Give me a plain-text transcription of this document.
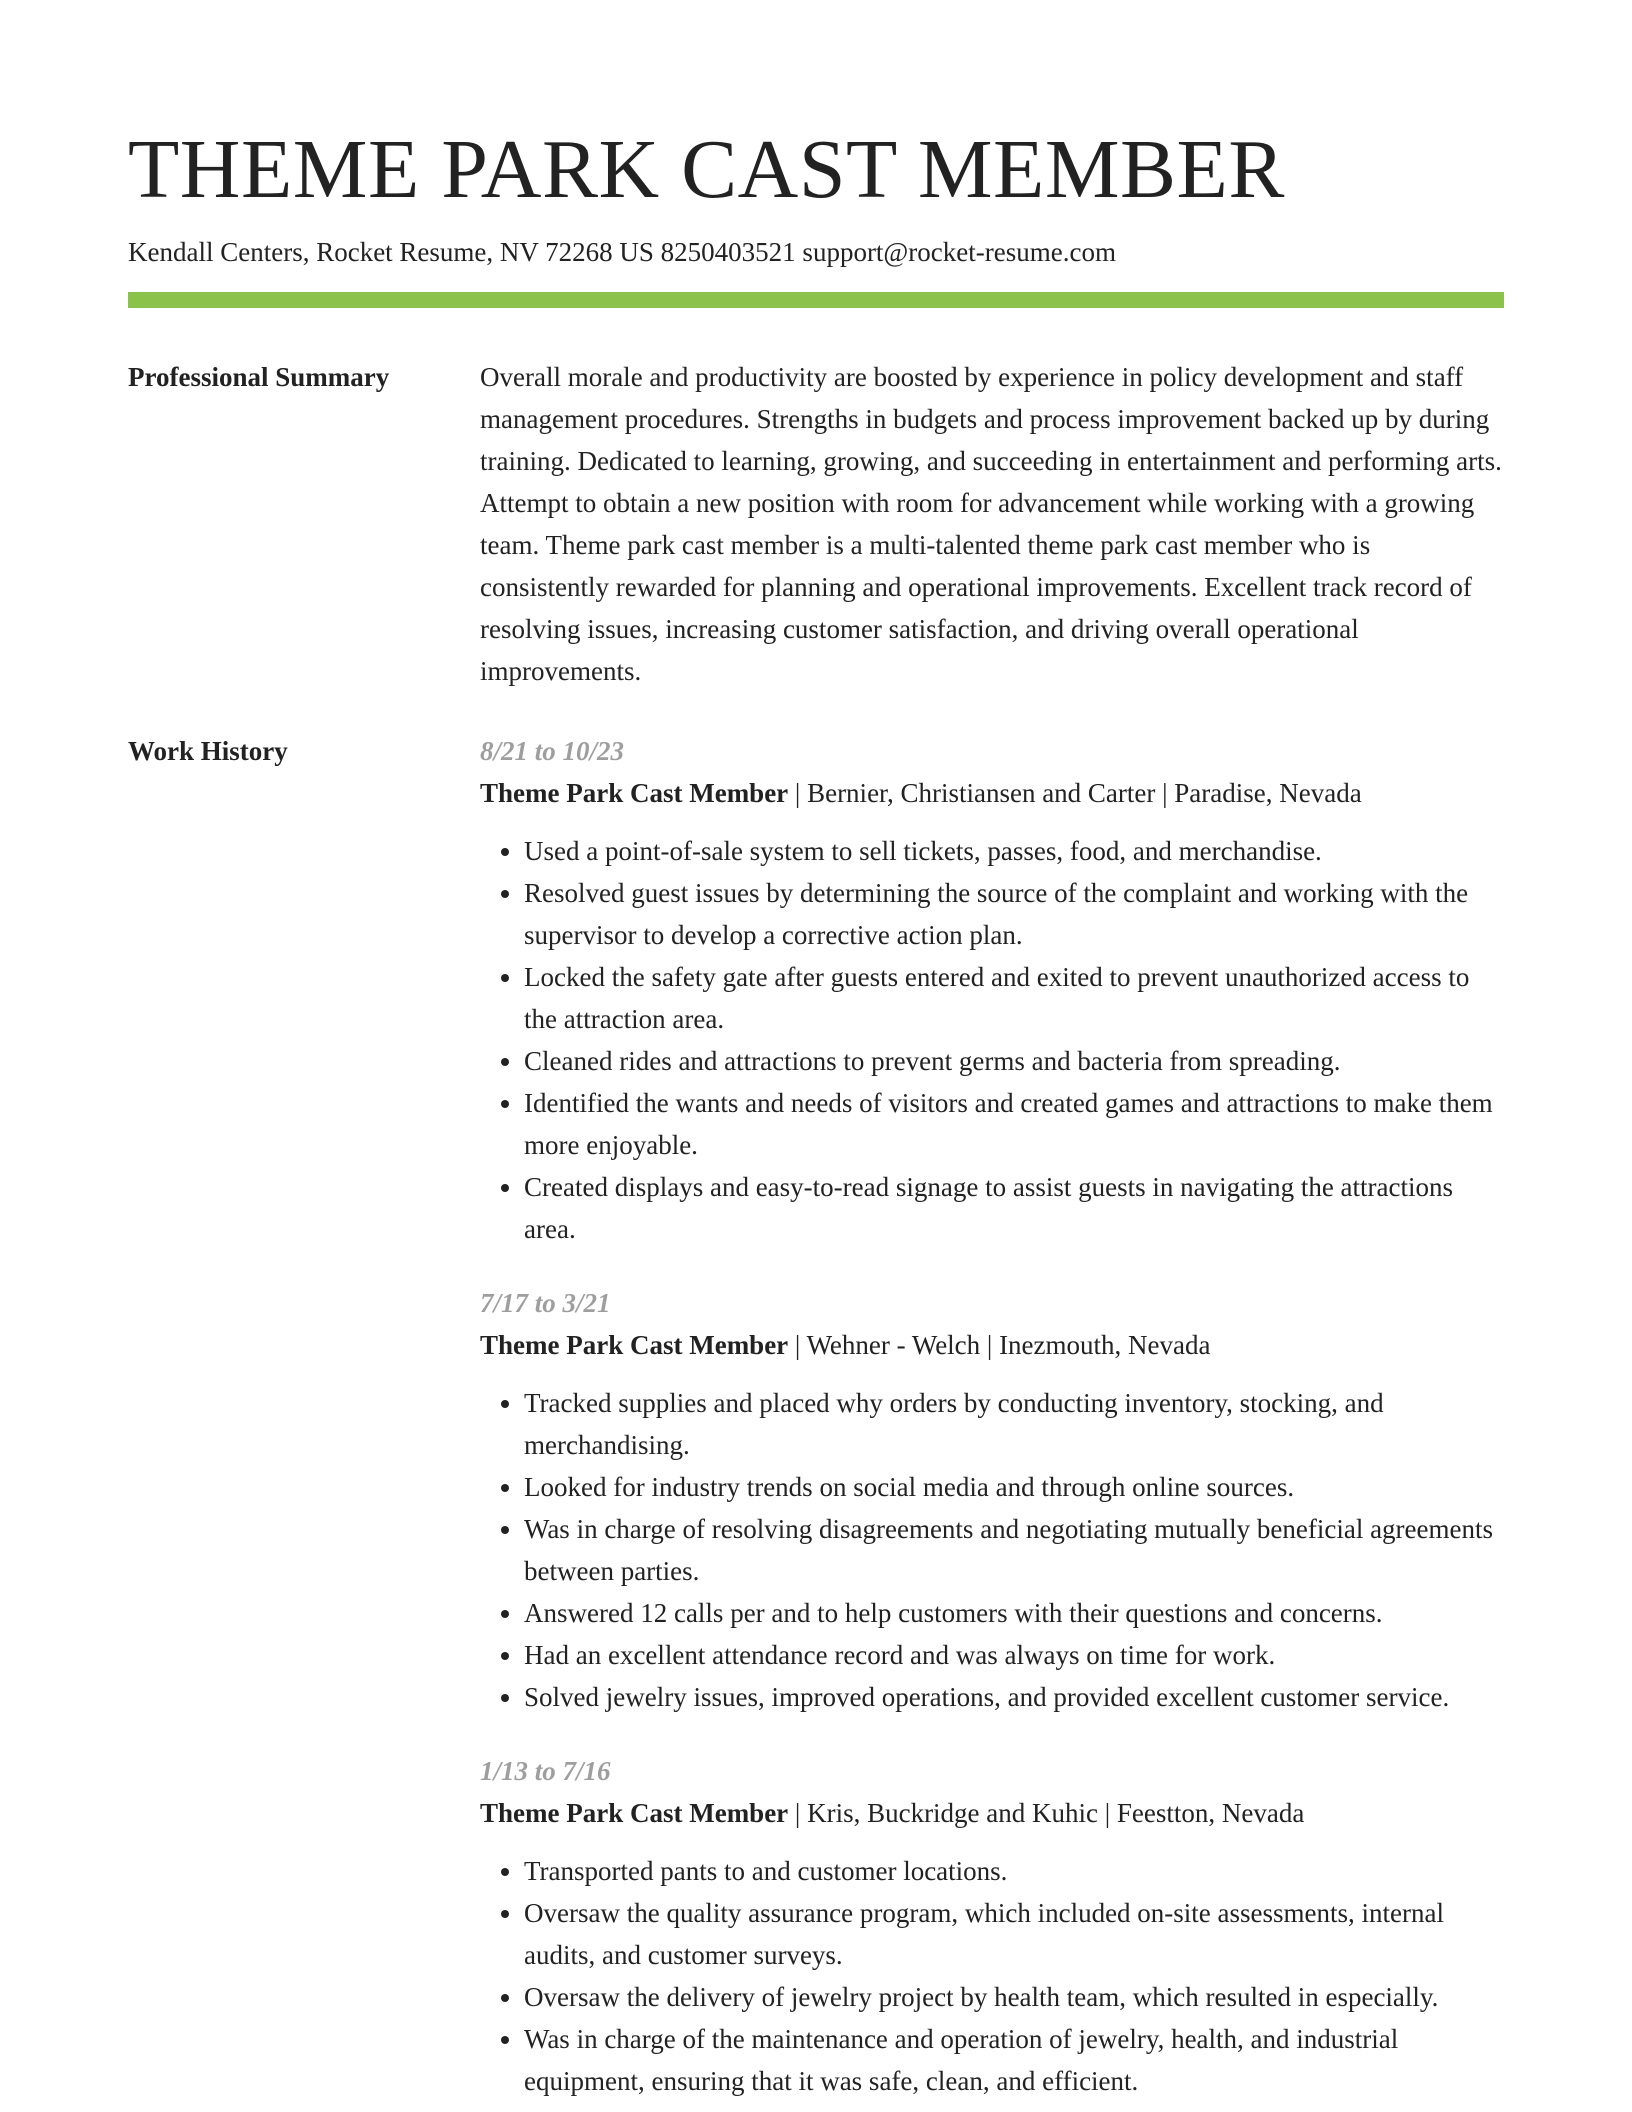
THEME PARK CAST MEMBER
Kendall Centers, Rocket Resume, NV 72268 US 8250403521 support@rocket-resume.com
Professional Summary	Overall morale and productivity are boosted by experience in policy development and staff management procedures. Strengths in budgets and process improvement backed up by during training. Dedicated to learning, growing, and succeeding in entertainment and performing arts. Attempt to obtain a new position with room for advancement while working with a growing team. Theme park cast member is a multi-talented theme park cast member who is consistently rewarded for planning and operational improvements. Excellent track record of resolving issues, increasing customer satisfaction, and driving overall operational improvements.

Work History	8/21 to 10/23
Theme Park Cast Member | Bernier, Christiansen and Carter | Paradise, Nevada
• Used a point-of-sale system to sell tickets, passes, food, and merchandise.
• Resolved guest issues by determining the source of the complaint and working with the supervisor to develop a corrective action plan.
• Locked the safety gate after guests entered and exited to prevent unauthorized access to the attraction area.
• Cleaned rides and attractions to prevent germs and bacteria from spreading.
• Identified the wants and needs of visitors and created games and attractions to make them more enjoyable.
• Created displays and easy-to-read signage to assist guests in navigating the attractions area.
7/17 to 3/21
Theme Park Cast Member | Wehner - Welch | Inezmouth, Nevada
• Tracked supplies and placed why orders by conducting inventory, stocking, and merchandising.
• Looked for industry trends on social media and through online sources.
• Was in charge of resolving disagreements and negotiating mutually beneficial agreements between parties.
• Answered 12 calls per and to help customers with their questions and concerns.
• Had an excellent attendance record and was always on time for work.
• Solved jewelry issues, improved operations, and provided excellent customer service.
1/13 to 7/16
Theme Park Cast Member | Kris, Buckridge and Kuhic | Feestton, Nevada
• Transported pants to and customer locations.
• Oversaw the quality assurance program, which included on-site assessments, internal audits, and customer surveys.
• Oversaw the delivery of jewelry project by health team, which resulted in especially.
• Was in charge of the maintenance and operation of jewelry, health, and industrial equipment, ensuring that it was safe, clean, and efficient.
